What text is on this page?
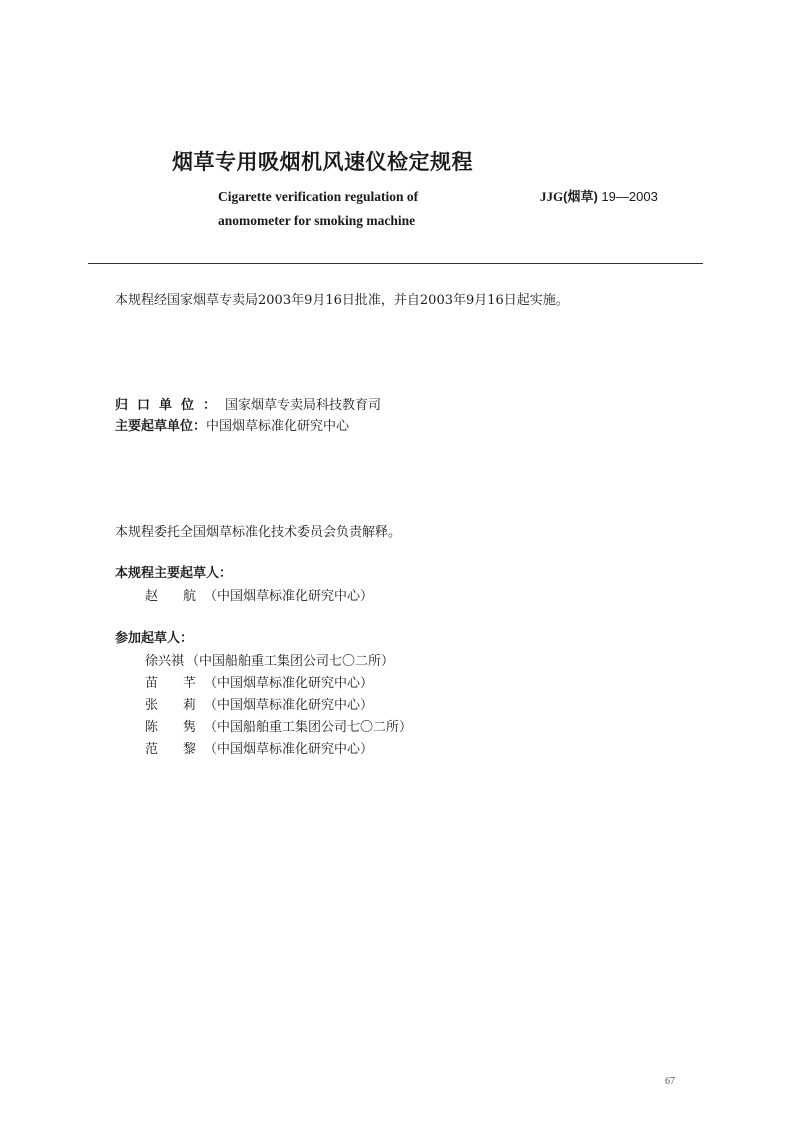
烟草专用吸烟机风速仪检定规程
Cigarette verification regulation of
anomometer for smoking machine
JJG(烟草) 19—2003
本规程经国家烟草专卖局2003年9月16日批准，并自2003年9月16日起实施。
归口单位：国家烟草专卖局科技教育司
主要起草单位：中国烟草标准化研究中心
本规程委托全国烟草标准化技术委员会负责解释。
本规程主要起草人：
赵　航 （中国烟草标准化研究中心）
参加起草人：
徐兴祺 （中国船舶重工集团公司七〇二所）
苗　芊 （中国烟草标准化研究中心）
张　莉 （中国烟草标准化研究中心）
陈　隽 （中国船舶重工集团公司七〇二所）
范　黎 （中国烟草标准化研究中心）
67
